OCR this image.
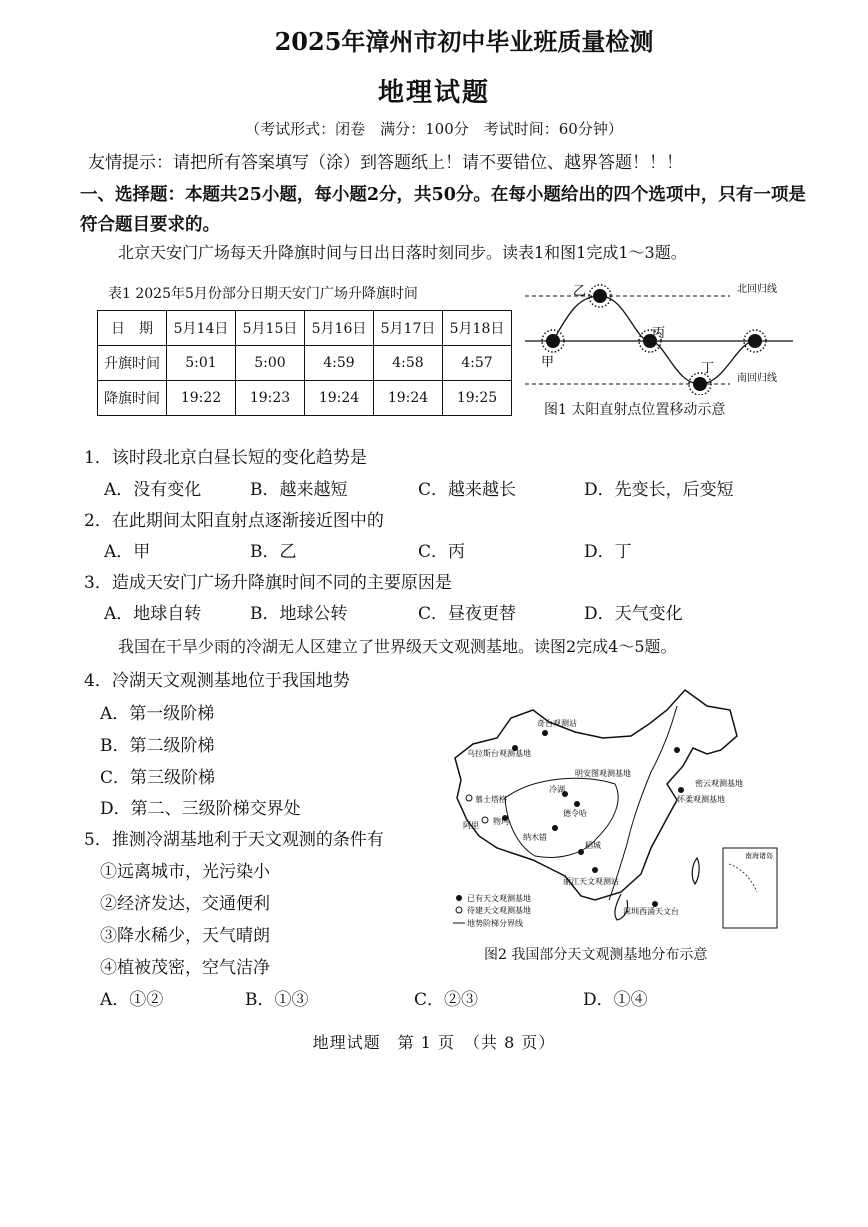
2025年漳州市初中毕业班质量检测
地理试题
（考试形式：闭卷　满分：100分　考试时间：60分钟）
友情提示：请把所有答案填写（涂）到答题纸上！请不要错位、越界答题！！！
一、选择题：本题共25小题，每小题2分，共50分。在每小题给出的四个选项中，只有一项是符合题目要求的。
北京天安门广场每天升降旗时间与日出日落时刻同步。读表1和图1完成1～3题。
表1 2025年5月份部分日期天安门广场升降旗时间
日　期	5月14日	5月15日	5月16日	5月17日	5月18日
升旗时间	5:01	5:00	4:59	4:58	4:57
降旗时间	19:22	19:23	19:24	19:24	19:25
北回归线
南回归线
甲
乙
丙
丁
图1 太阳直射点位置移动示意
1．该时段北京白昼长短的变化趋势是
A．没有变化	B．越来越短	C．越来越长	D．先变长，后变短
2．在此期间太阳直射点逐渐接近图中的
A．甲	B．乙	C．丙	D．丁
3．造成天安门广场升降旗时间不同的主要原因是
A．地球自转	B．地球公转	C．昼夜更替	D．天气变化
我国在干旱少雨的冷湖无人区建立了世界级天文观测基地。读图2完成4～5题。
4．冷湖天文观测基地位于我国地势
A．第一级阶梯
B．第二级阶梯
C．第三级阶梯
D．第二、三级阶梯交界处
5．推测冷湖基地利于天文观测的条件有
①远离城市，光污染小
②经济发达，交通便利
③降水稀少，天气晴朗
④植被茂密，空气洁净
A．①②	B．①③	C．②③	D．①④
南海诸岛
奇台观测站
乌拉斯台观测基地
明安图观测基地
密云观测基地
怀柔观测基地
慕士塔格
冷湖
德令哈
阿里 物玛
纳木错
稻城
丽江天文观测站
深圳西涌天文台
已有天文观测基地
待建天文观测基地
地势阶梯分界线
图2 我国部分天文观测基地分布示意
地理试题　第 1 页　（共 8 页）
